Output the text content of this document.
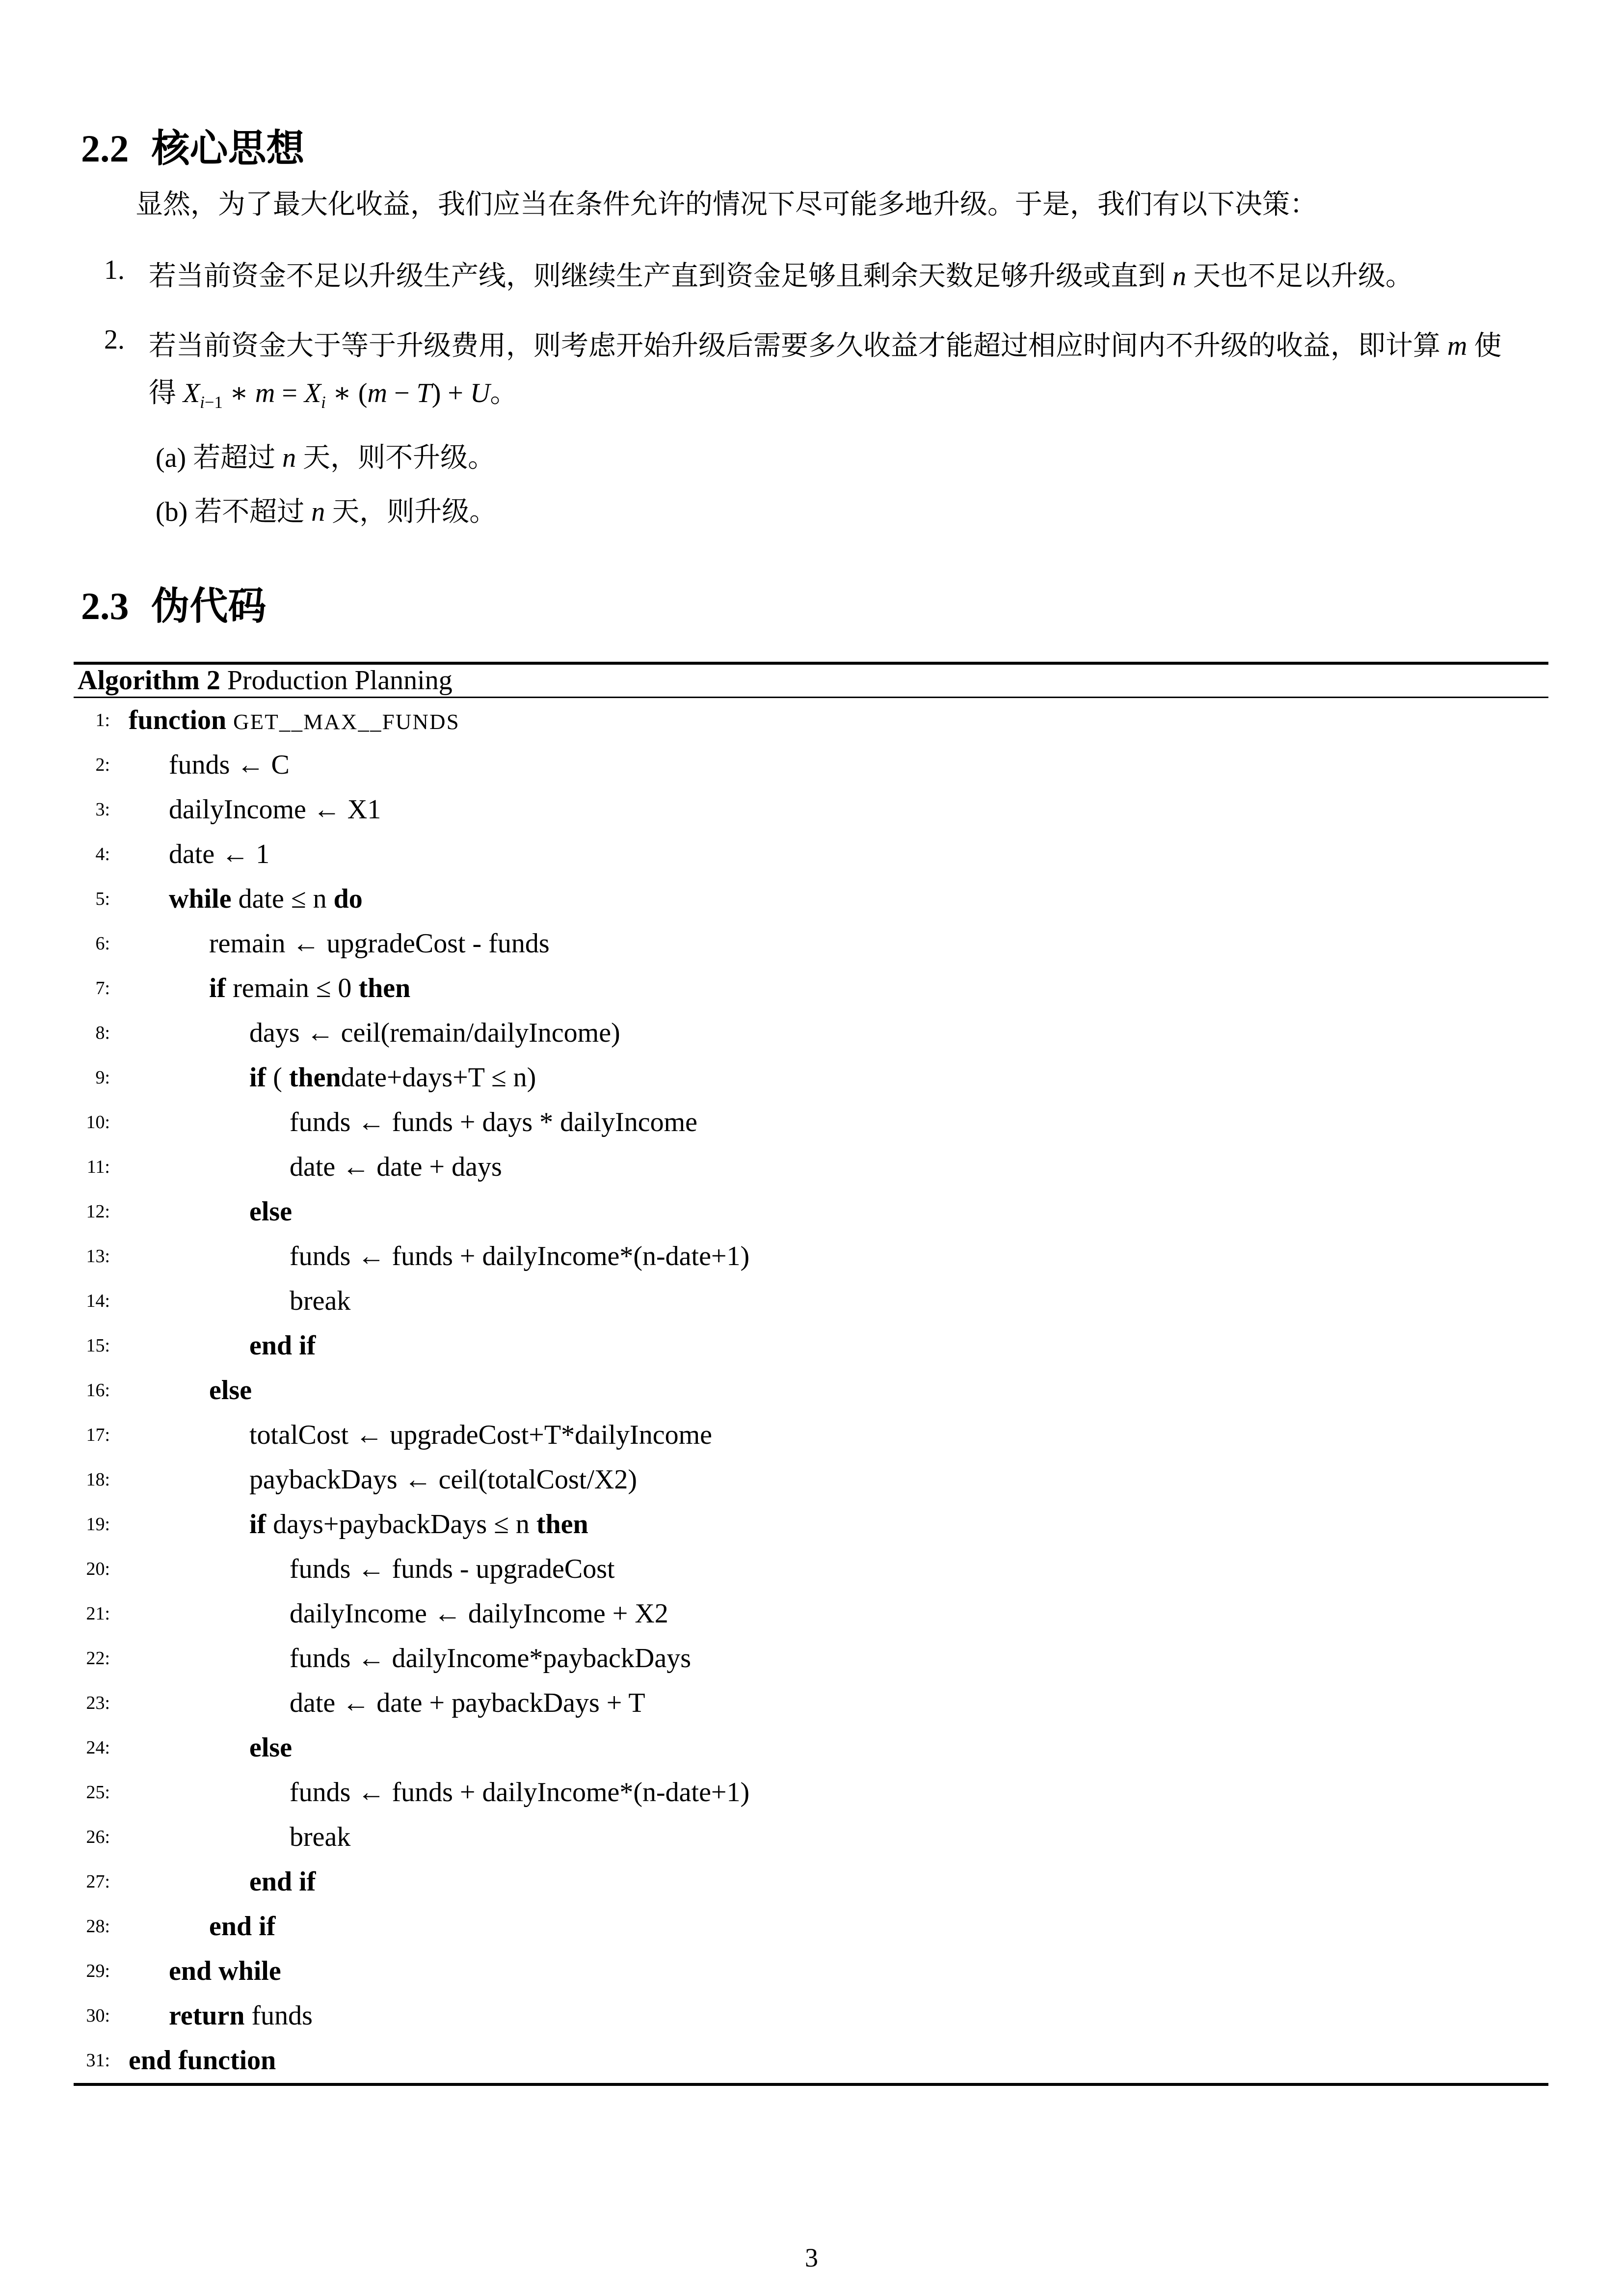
2.2 核心思想
显然，为了最大化收益，我们应当在条件允许的情况下尽可能多地升级。于是，我们有以下决策：
1. 若当前资金不足以升级生产线，则继续生产直到资金足够且剩余天数足够升级或直到 n 天也不足以升级。
2. 若当前资金大于等于升级费用，则考虑开始升级后需要多久收益才能超过相应时间内不升级的收益，即计算 m 使
得 $X_{i-1}$ ∗ $m = X_i$ ∗ (m − T) + U。
(a) 若超过 n 天，则不升级。
(b) 若不超过 n 天，则升级。
2.3 伪代码
Algorithm 2 Production Planning
1: function GET__MAX__FUNDS
2: funds ← C
3: dailyIncome ← X1
4: date ← 1
5: while date ≤ n do
6:	remain ← upgradeCost - funds
7:	if remain ≤ 0 then
8:	days ← ceil(remain/dailyIncome)
9:	if ( thendate+days+T ≤ n)
10:	funds ← funds + days * dailyIncome
11:	date ← date + days
12:	else
13:	funds ← funds + dailyIncome*(n-date+1)
14:	break
15:	end if
16:	else
17:	totalCost ← upgradeCost+T*dailyIncome
18:	paybackDays ← ceil(totalCost/X2)
19:	if days+paybackDays ≤ n then
20:	funds ← funds - upgradeCost
21:	dailyIncome ← dailyIncome + X2
22:	funds ← dailyIncome*paybackDays
23:	date ← date + paybackDays + T
24:	else
25:	funds ← funds + dailyIncome*(n-date+1)
26:	break
27:	end if
28:	end if
29: end while
30: return funds
31: end function
3
